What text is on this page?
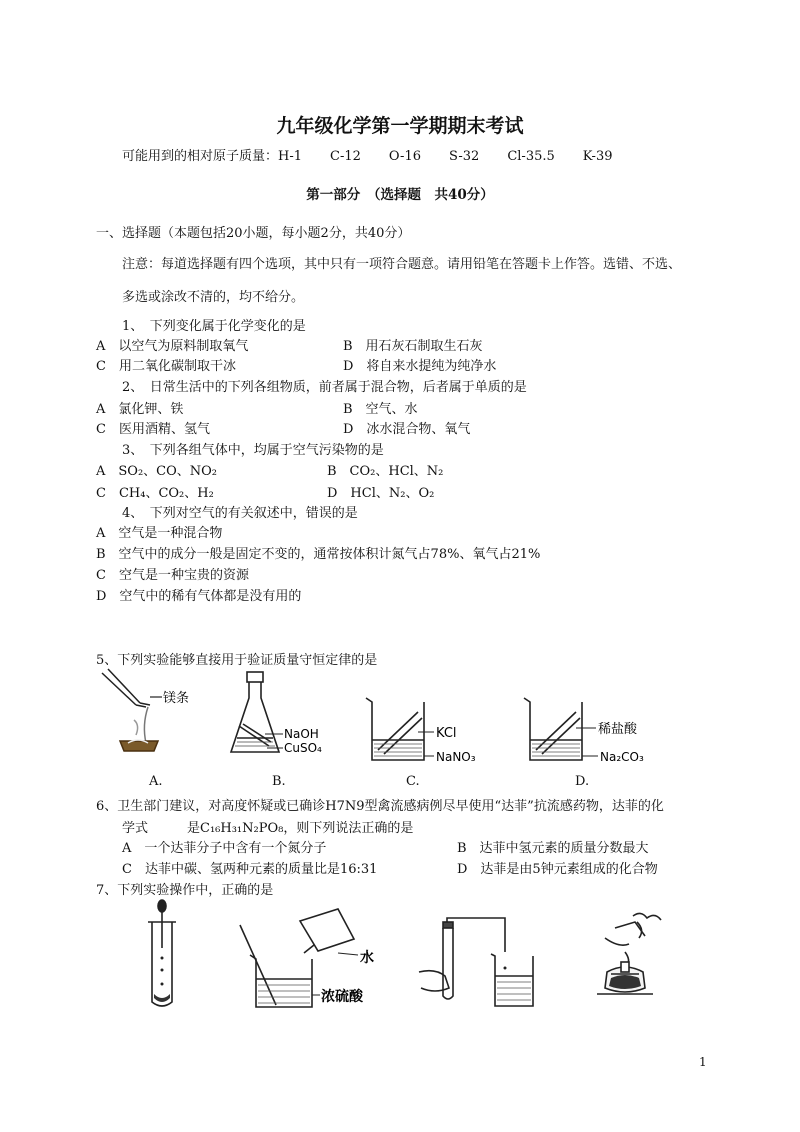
九年级化学第一学期期末考试
可能用到的相对原子质量：H-1 C-12 O-16 S-32 Cl-35.5 K-39
第一部分　（选择题　共40分）
一、选择题（本题包括20小题，每小题2分，共40分）
注意：每道选择题有四个选项，其中只有一项符合题意。请用铅笔在答题卡上作答。选错、不选、
多选或涂改不清的，均不给分。
1、　下列变化属于化学变化的是
A　以空气为原料制取氧气	B　用石灰石制取生石灰
C　用二氧化碳制取干冰	D　将自来水提纯为纯净水
2、　日常生活中的下列各组物质，前者属于混合物，后者属于单质的是
A　氯化钾、铁	B　空气、水
C　医用酒精、氢气	D　冰水混合物、氧气
3、　下列各组气体中，均属于空气污染物的是
A　SO₂、CO、NO₂	B　CO₂、HCl、N₂
C　CH₄、CO₂、H₂	D　HCl、N₂、O₂
4、　下列对空气的有关叙述中，错误的是
A　空气是一种混合物
B　空气中的成分一般是固定不变的，通常按体积计氮气占78%、氧气占21%
C　空气是一种宝贵的资源
D　空气中的稀有气体都是没有用的
5、下列实验能够直接用于验证质量守恒定律的是
镁条
NaOH
CuSO₄
KCl
NaNO₃
稀盐酸
Na₂CO₃
A.	B.	C.	D.
6、卫生部门建议，对高度怀疑或已确诊H7N9型禽流感病例尽早使用“达菲”抗流感药物，达菲的化
学式　　　是C₁₆H₃₁N₂PO₈，则下列说法正确的是
A　一个达菲分子中含有一个氮分子	B　达菲中氢元素的质量分数最大
C　达菲中碳、氢两种元素的质量比是16:31	D　达菲是由5钟元素组成的化合物
7、下列实验操作中，正确的是
水
浓硫酸
1
